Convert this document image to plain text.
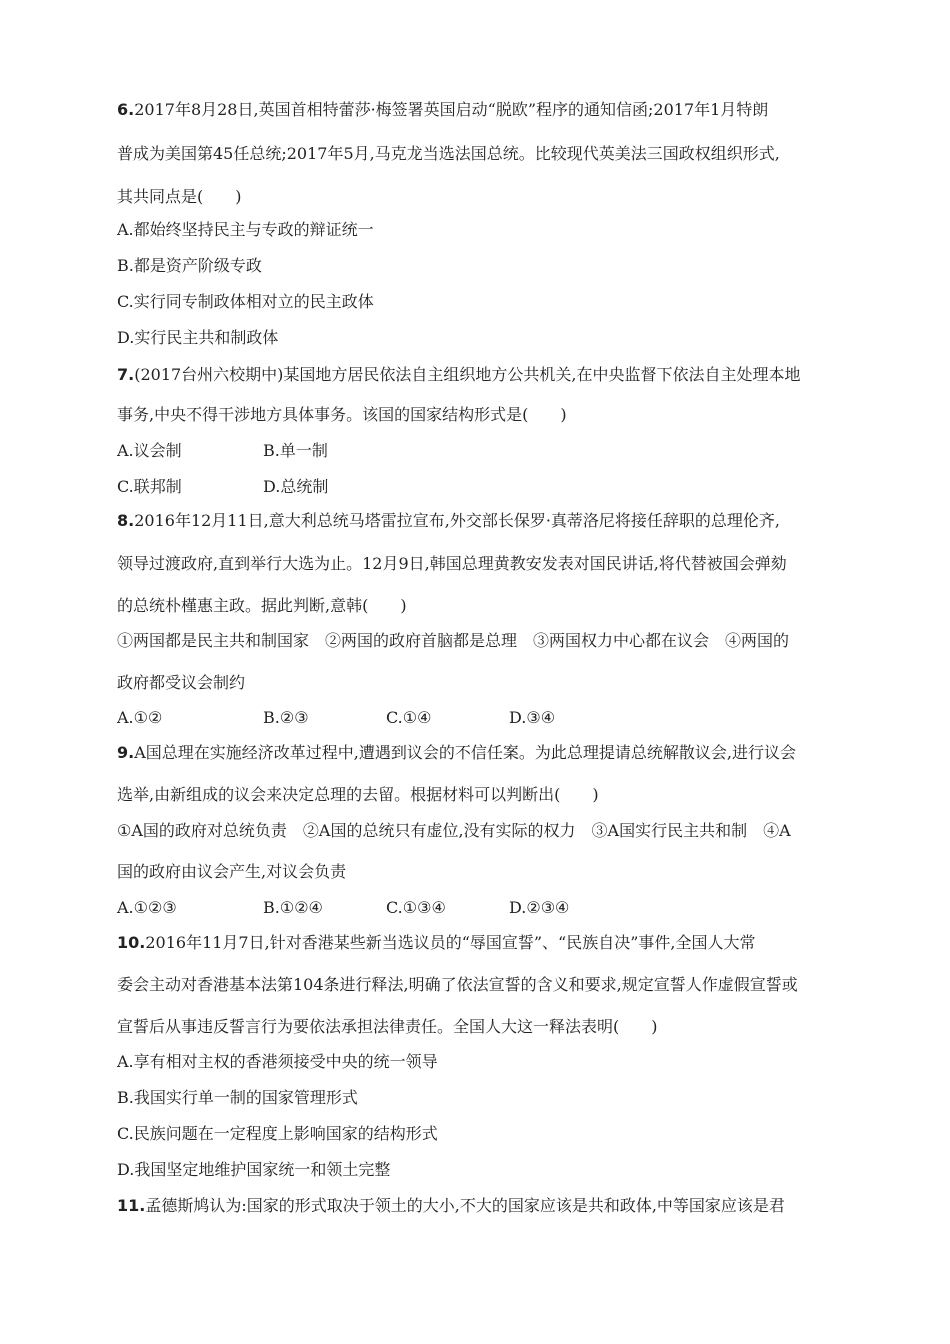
6.2017年8月28日,英国首相特蕾莎·梅签署英国启动“脱欧”程序的通知信函;2017年1月特朗
普成为美国第45任总统;2017年5月,马克龙当选法国总统。比较现代英美法三国政权组织形式,
其共同点是(　　)
A.都始终坚持民主与专政的辩证统一
B.都是资产阶级专政
C.实行同专制政体相对立的民主政体
D.实行民主共和制政体
7.(2017台州六校期中)某国地方居民依法自主组织地方公共机关,在中央监督下依法自主处理本地
事务,中央不得干涉地方具体事务。该国的国家结构形式是(　　)
A.议会制	B.单一制
C.联邦制	D.总统制
8.2016年12月11日,意大利总统马塔雷拉宣布,外交部长保罗·真蒂洛尼将接任辞职的总理伦齐,
领导过渡政府,直到举行大选为止。12月9日,韩国总理黄教安发表对国民讲话,将代替被国会弹劾
的总统朴槿惠主政。据此判断,意韩(　　)
①两国都是民主共和制国家　②两国的政府首脑都是总理　③两国权力中心都在议会　④两国的
政府都受议会制约
A.①②	B.②③	C.①④	D.③④
9.A国总理在实施经济改革过程中,遭遇到议会的不信任案。为此总理提请总统解散议会,进行议会
选举,由新组成的议会来决定总理的去留。根据材料可以判断出(　　)
①A国的政府对总统负责　②A国的总统只有虚位,没有实际的权力　③A国实行民主共和制　④A
国的政府由议会产生,对议会负责
A.①②③	B.①②④	C.①③④	D.②③④
10.2016年11月7日,针对香港某些新当选议员的“辱国宣誓”、“民族自决”事件,全国人大常
委会主动对香港基本法第104条进行释法,明确了依法宣誓的含义和要求,规定宣誓人作虚假宣誓或
宣誓后从事违反誓言行为要依法承担法律责任。全国人大这一释法表明(　　)
A.享有相对主权的香港须接受中央的统一领导
B.我国实行单一制的国家管理形式
C.民族问题在一定程度上影响国家的结构形式
D.我国坚定地维护国家统一和领土完整
11.孟德斯鸠认为:国家的形式取决于领土的大小,不大的国家应该是共和政体,中等国家应该是君
